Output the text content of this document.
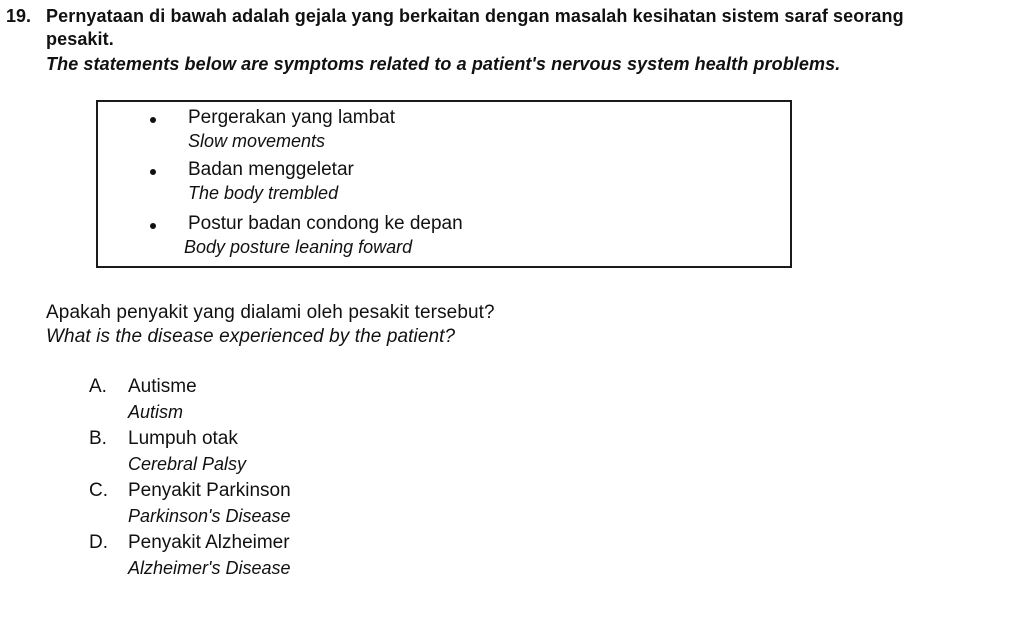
19. Pernyataan di bawah adalah gejala yang berkaitan dengan masalah kesihatan sistem saraf seorang
pesakit.
The statements below are symptoms related to a patient's nervous system health problems.
Pergerakan yang lambat
Slow movements
Badan menggeletar
The body trembled
Postur badan condong ke depan
Body posture leaning foward
Apakah penyakit yang dialami oleh pesakit tersebut?
What is the disease experienced by the patient?
A. Autisme
Autism
B. Lumpuh otak
Cerebral Palsy
C. Penyakit Parkinson
Parkinson's Disease
D. Penyakit Alzheimer
Alzheimer's Disease
